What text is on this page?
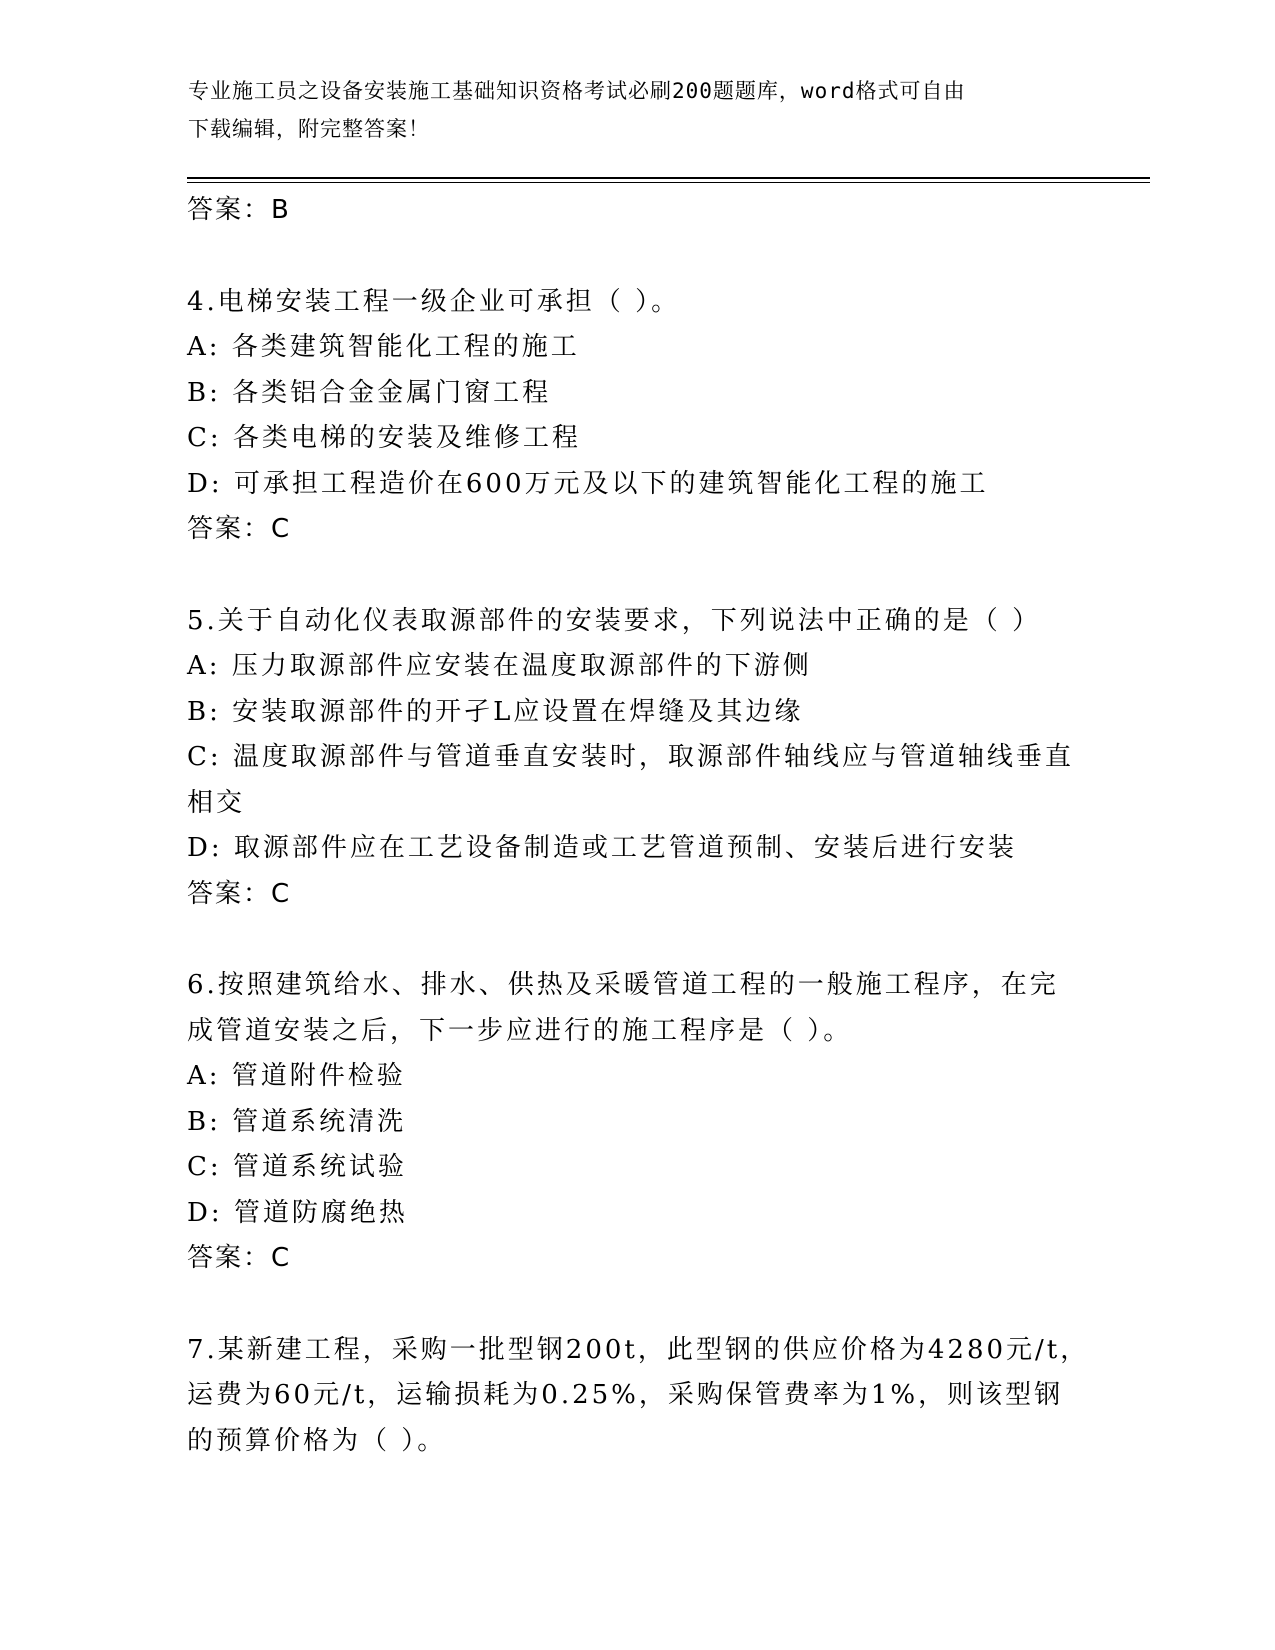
专业施工员之设备安装施工基础知识资格考试必刷200题题库，word格式可自由
下载编辑，附完整答案！
答案：B
4.电梯安装工程一级企业可承担（ ）。
A: 各类建筑智能化工程的施工
B: 各类铝合金金属门窗工程
C: 各类电梯的安装及维修工程
D: 可承担工程造价在600万元及以下的建筑智能化工程的施工
答案：C
5.关于自动化仪表取源部件的安装要求，下列说法中正确的是（ ）
A: 压力取源部件应安装在温度取源部件的下游侧
B: 安装取源部件的开孑L应设置在焊缝及其边缘
C: 温度取源部件与管道垂直安装时，取源部件轴线应与管道轴线垂直
相交
D: 取源部件应在工艺设备制造或工艺管道预制、安装后进行安装
答案：C
6.按照建筑给水、排水、供热及采暖管道工程的一般施工程序，在完
成管道安装之后，下一步应进行的施工程序是（ ）。
A: 管道附件检验
B: 管道系统清洗
C: 管道系统试验
D: 管道防腐绝热
答案：C
7.某新建工程，采购一批型钢200t，此型钢的供应价格为4280元/t，
运费为60元/t，运输损耗为0.25%，采购保管费率为1%，则该型钢
的预算价格为（ ）。
